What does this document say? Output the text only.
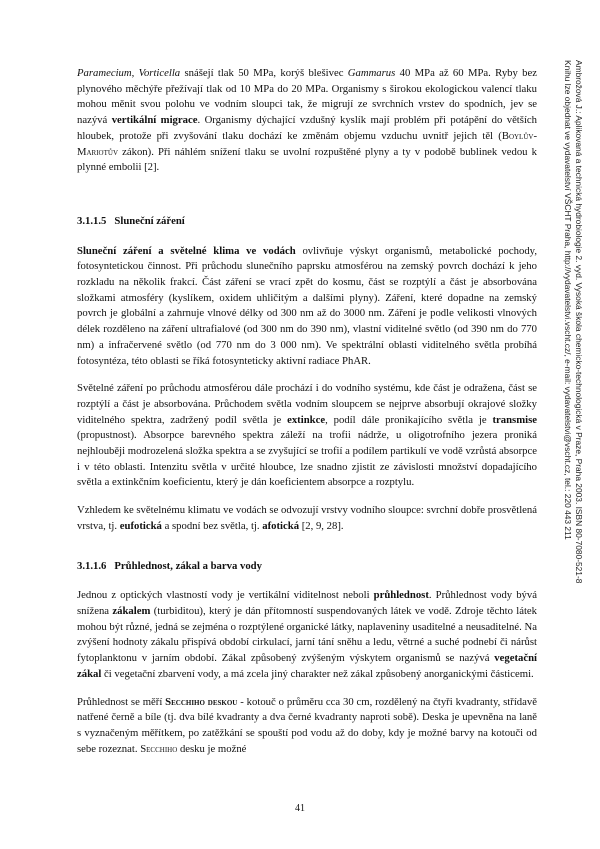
Ambrožová J.: Aplikovaná a technická hydrobiologie 2. vyd. Vysoká škola chemicko-technologická v Praze, Praha 2003. ISBN 80-7080-521-8
Knihu lze objednat ve vydavatelství VŠCHT Praha, http://vydavatelstvi.vscht.cz/, e-mail: vydavatelstvi@vscht.cz, tel.: 220 443 211

Paramecium, Vorticella snášejí tlak 50 MPa, korýš blešivec Gammarus 40 MPa až 60 MPa. Ryby bez plynového měchýře přežívají tlak od 10 MPa do 20 MPa. Organismy s širokou ekologickou valencí tlaku mohou měnit svou polohu ve vodním sloupci tak, že migrují ze svrchních vrstev do spodních, jev se nazývá vertikální migrace. Organismy dýchající vzdušný kyslík mají problém při potápění do větších hloubek, protože při zvyšování tlaku dochází ke změnám objemu vzduchu uvnitř jejich těl (Boylův-Mariotův zákon). Při náhlém snížení tlaku se uvolní rozpuštěné plyny a ty v podobě bublinek vedou k plynné embolii [2].

3.1.1.5 Sluneční záření

Sluneční záření a světelné klima ve vodách ovlivňuje výskyt organismů, metabolické pochody, fotosyntetickou činnost. Při průchodu slunečního paprsku atmosférou na zemský povrch dochází k jeho rozkladu na několik frakcí. Část záření se vrací zpět do kosmu, část se rozptýlí a část je absorbována složkami atmosféry (kyslíkem, oxidem uhličitým a dalšími plyny). Záření, které dopadne na zemský povrch je globální a zahrnuje vlnové délky od 300 nm až do 3000 nm. Záření je podle velikosti vlnových délek rozděleno na záření ultrafialové (od 300 nm do 390 nm), vlastní viditelné světlo (od 390 nm do 770 nm) a infračervené světlo (od 770 nm do 3 000 nm). Ve spektrální oblasti viditelného světla probíhá fotosyntéza, této oblasti se říká fotosynteticky aktivní radiace PhAR.

Světelné záření po průchodu atmosférou dále prochází i do vodního systému, kde část je odražena, část se rozptýlí a část je absorbována. Průchodem světla vodním sloupcem se nejprve absorbují okrajové složky viditelného spektra, zadržený podíl světla je extinkce, podíl dále pronikajícího světla je transmise (propustnost). Absorpce barevného spektra záleží na trofii nádrže, u oligotrofního jezera proniká nejhlouběji modrozelená složka spektra a se zvyšující se trofií a podílem partikulí ve vodě vzrůstá absorpce i v této oblasti. Intenzitu světla v určité hloubce, lze snadno zjistit ze závislosti množství dopadajícího světla a extinkčním koeficientu, který je dán koeficientem absorpce a rozptylu.

Vzhledem ke světelnému klimatu ve vodách se odvozují vrstvy vodního sloupce: svrchní dobře prosvětlená vrstva, tj. eufotická a spodní bez světla, tj. afotická [2, 9, 28].

3.1.1.6 Průhlednost, zákal a barva vody

Jednou z optických vlastností vody je vertikální viditelnost neboli průhlednost. Průhlednost vody bývá snížena zákalem (turbiditou), který je dán přítomností suspendovaných látek ve vodě. Zdroje těchto látek mohou být různé, jedná se zejména o rozptýlené organické látky, naplaveniny usaditelné a neusaditelné. Na zvýšení hodnoty zákalu přispívá období cirkulací, jarní tání sněhu a ledu, větrné a suché podnebí či nárůst fytoplanktonu v jarním období. Zákal způsobený zvýšeným výskytem organismů se nazývá vegetační zákal či vegetační zbarvení vody, a má zcela jiný charakter než zákal způsobený anorganickými částicemi.

Průhlednost se měří Secchiho deskou - kotouč o průměru cca 30 cm, rozdělený na čtyři kvadranty, střídavě natřené černě a bíle (tj. dva bílé kvadranty a dva černé kvadranty naproti sobě). Deska je upevněna na laně s vyznačeným měřítkem, po zatěžkání se spouští pod vodu až do doby, kdy je možné barvy na kotouči od sebe rozeznat. Secchiho desku je možné

41
